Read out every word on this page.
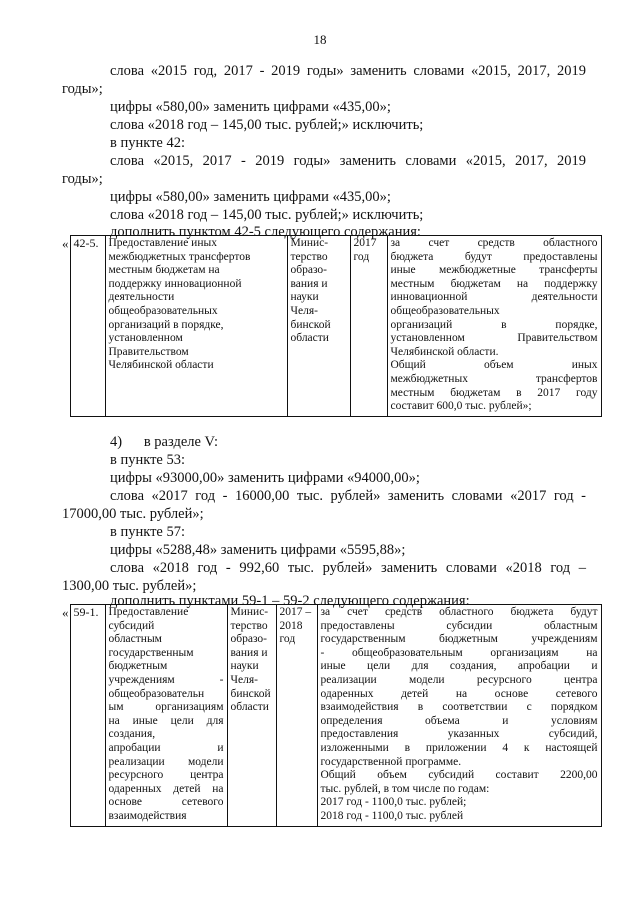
18
слова «2015 год, 2017 - 2019 годы» заменить словами «2015, 2017, 2019
годы»;
цифры «580,00» заменить цифрами «435,00»;
слова «2018 год – 145,00 тыс. рублей;» исключить;
в пункте 42:
слова «2015, 2017 - 2019 годы» заменить словами «2015, 2017, 2019
годы»;
цифры «580,00» заменить цифрами «435,00»;
слова «2018 год – 145,00 тыс. рублей;» исключить;
дополнить пунктом 42-5 следующего содержания:
«	42-5.	Предоставление иных
межбюджетных трансфертов
местным бюджетам на
поддержку инновационной
деятельности
общеобразовательных
организаций в порядке,
установленном
Правительством
Челябинской области

Минис-
терство
образо-
вания и
науки
Челя-
бинской
области

2017
год

за счет средств областного
бюджета будут предоставлены
иные межбюджетные трансферты
местным бюджетам на поддержку
инновационной деятельности
общеобразовательных
организаций в порядке,
установленном Правительством
Челябинской области.
Общий объем иных
межбюджетных трансфертов
местным бюджетам в 2017 году
составит 600,0 тыс. рублей»;
4)      в разделе V:
в пункте 53:
цифры «93000,00» заменить цифрами «94000,00»;
слова «2017 год - 16000,00 тыс. рублей» заменить словами «2017 год -
17000,00 тыс. рублей»;
в пункте 57:
цифры «5288,48» заменить цифрами «5595,88»;
слова «2018 год - 992,60 тыс. рублей» заменить словами «2018 год –
1300,00 тыс. рублей»;
дополнить пунктами 59-1 – 59-2 следующего содержания:
«	59-1.	Предоставление
субсидий
областным
государственным
бюджетным
учреждениям -
общеобразовательн
ым организациям
на иные цели для
создания,
апробации и
реализации модели
ресурсного центра
одаренных детей на
основе сетевого
взаимодействия

Минис-
терство
образо-
вания и
науки
Челя-
бинской
области

2017 –
2018
год

за счет средств областного бюджета будут
предоставлены субсидии областным
государственным бюджетным учреждениям
- общеобразовательным организациям на
иные цели для создания, апробации и
реализации модели ресурсного центра
одаренных детей на основе сетевого
взаимодействия в соответствии с порядком
определения объема и условиям
предоставления указанных субсидий,
изложенными в приложении 4 к настоящей
государственной программе.
Общий объем субсидий составит 2200,00
тыс. рублей, в том числе по годам:
2017 год - 1100,0 тыс. рублей;
2018 год - 1100,0 тыс. рублей
